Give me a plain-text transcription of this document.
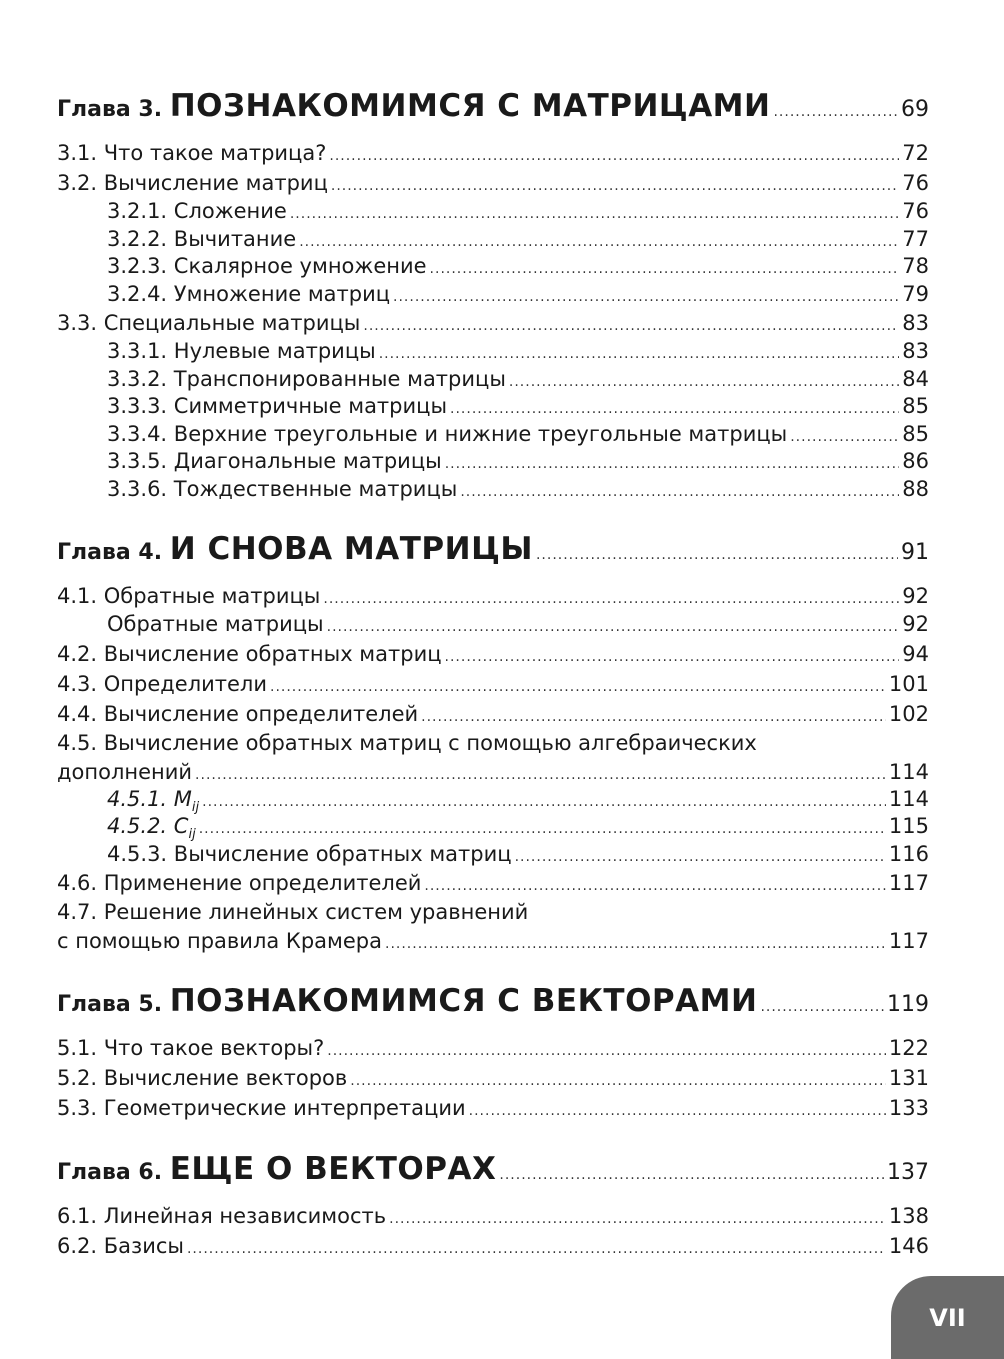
Глава 3. ПОЗНАКОМИМСЯ С МАТРИЦАМИ .....	69
3.1. Что такое матрица? .....	72
3.2. Вычисление матриц .....	76
3.2.1. Сложение .....	76
3.2.2. Вычитание .....	77
3.2.3. Скалярное умножение .....	78
3.2.4. Умножение матриц .....	79
3.3. Специальные матрицы .....	83
3.3.1. Нулевые матрицы .....	83
3.3.2. Транспонированные матрицы .....	84
3.3.3. Симметричные матрицы .....	85
3.3.4. Верхние треугольные и нижние треугольные матрицы .....	85
3.3.5. Диагональные матрицы .....	86
3.3.6. Тождественные матрицы .....	88
Глава 4. И СНОВА МАТРИЦЫ .....	91
4.1. Обратные матрицы .....	92
Обратные матрицы .....	92
4.2. Вычисление обратных матриц .....	94
4.3. Определители .....	101
4.4. Вычисление определителей .....	102
4.5. Вычисление обратных матриц с помощью алгебраических
дополнений .....	114
4.5.1. $M_{ij}$ .....	114
4.5.2. $C_{ij}$ .....	115
4.5.3. Вычисление обратных матриц .....	116
4.6. Применение определителей .....	117
4.7. Решение линейных систем уравнений
с помощью правила Крамера .....	117
Глава 5. ПОЗНАКОМИМСЯ С ВЕКТОРАМИ .....	119
5.1. Что такое векторы? .....	122
5.2. Вычисление векторов .....	131
5.3. Геометрические интерпретации .....	133
Глава 6. ЕЩЕ О ВЕКТОРАХ .....	137
6.1. Линейная независимость .....	138
6.2. Базисы .....	146
VII
